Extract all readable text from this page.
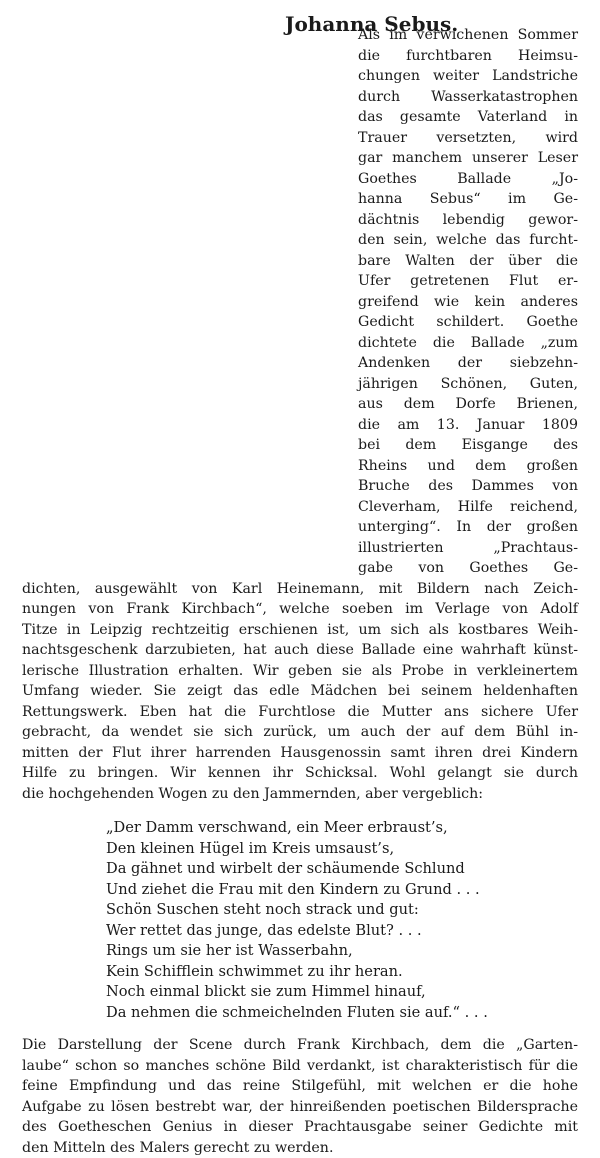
Johanna Sebus.
Als im verwichenen Sommer
die furchtbaren Heimsu-
chungen weiter Landstriche
durch Wasserkatastrophen
das gesamte Vaterland in
Trauer versetzten, wird
gar manchem unserer Leser
Goethes Ballade „Jo-
hanna Sebus“ im Ge-
dächtnis lebendig gewor-
den sein, welche das furcht-
bare Walten der über die
Ufer getretenen Flut er-
greifend wie kein anderes
Gedicht schildert. Goethe
dichtete die Ballade „zum
Andenken der siebzehn-
jährigen Schönen, Guten,
aus dem Dorfe Brienen,
die am 13. Januar 1809
bei dem Eisgange des
Rheins und dem großen
Bruche des Dammes von
Cleverham, Hilfe reichend,
unterging“. In der großen
illustrierten „Prachtaus-
gabe von Goethes Ge-
dichten, ausgewählt von Karl Heinemann, mit Bildern nach Zeich-
nungen von Frank Kirchbach“, welche soeben im Verlage von Adolf
Titze in Leipzig rechtzeitig erschienen ist, um sich als kostbares Weih-
nachtsgeschenk darzubieten, hat auch diese Ballade eine wahrhaft künst-
lerische Illustration erhalten. Wir geben sie als Probe in verkleinertem
Umfang wieder. Sie zeigt das edle Mädchen bei seinem heldenhaften
Rettungswerk. Eben hat die Furchtlose die Mutter ans sichere Ufer
gebracht, da wendet sie sich zurück, um auch der auf dem Bühl in-
mitten der Flut ihrer harrenden Hausgenossin samt ihren drei Kindern
Hilfe zu bringen. Wir kennen ihr Schicksal. Wohl gelangt sie durch
die hochgehenden Wogen zu den Jammernden, aber vergeblich:
„Der Damm verschwand, ein Meer erbraust’s,
Den kleinen Hügel im Kreis umsaust’s,
Da gähnet und wirbelt der schäumende Schlund
Und ziehet die Frau mit den Kindern zu Grund . . .
Schön Suschen steht noch strack und gut:
Wer rettet das junge, das edelste Blut? . . .
Rings um sie her ist Wasserbahn,
Kein Schifflein schwimmet zu ihr heran.
Noch einmal blickt sie zum Himmel hinauf,
Da nehmen die schmeichelnden Fluten sie auf.“ . . .
Die Darstellung der Scene durch Frank Kirchbach, dem die „Garten-
laube“ schon so manches schöne Bild verdankt, ist charakteristisch für die
feine Empfindung und das reine Stilgefühl, mit welchen er die hohe
Aufgabe zu lösen bestrebt war, der hinreißenden poetischen Bildersprache
des Goetheschen Genius in dieser Prachtausgabe seiner Gedichte mit
den Mitteln des Malers gerecht zu werden.
